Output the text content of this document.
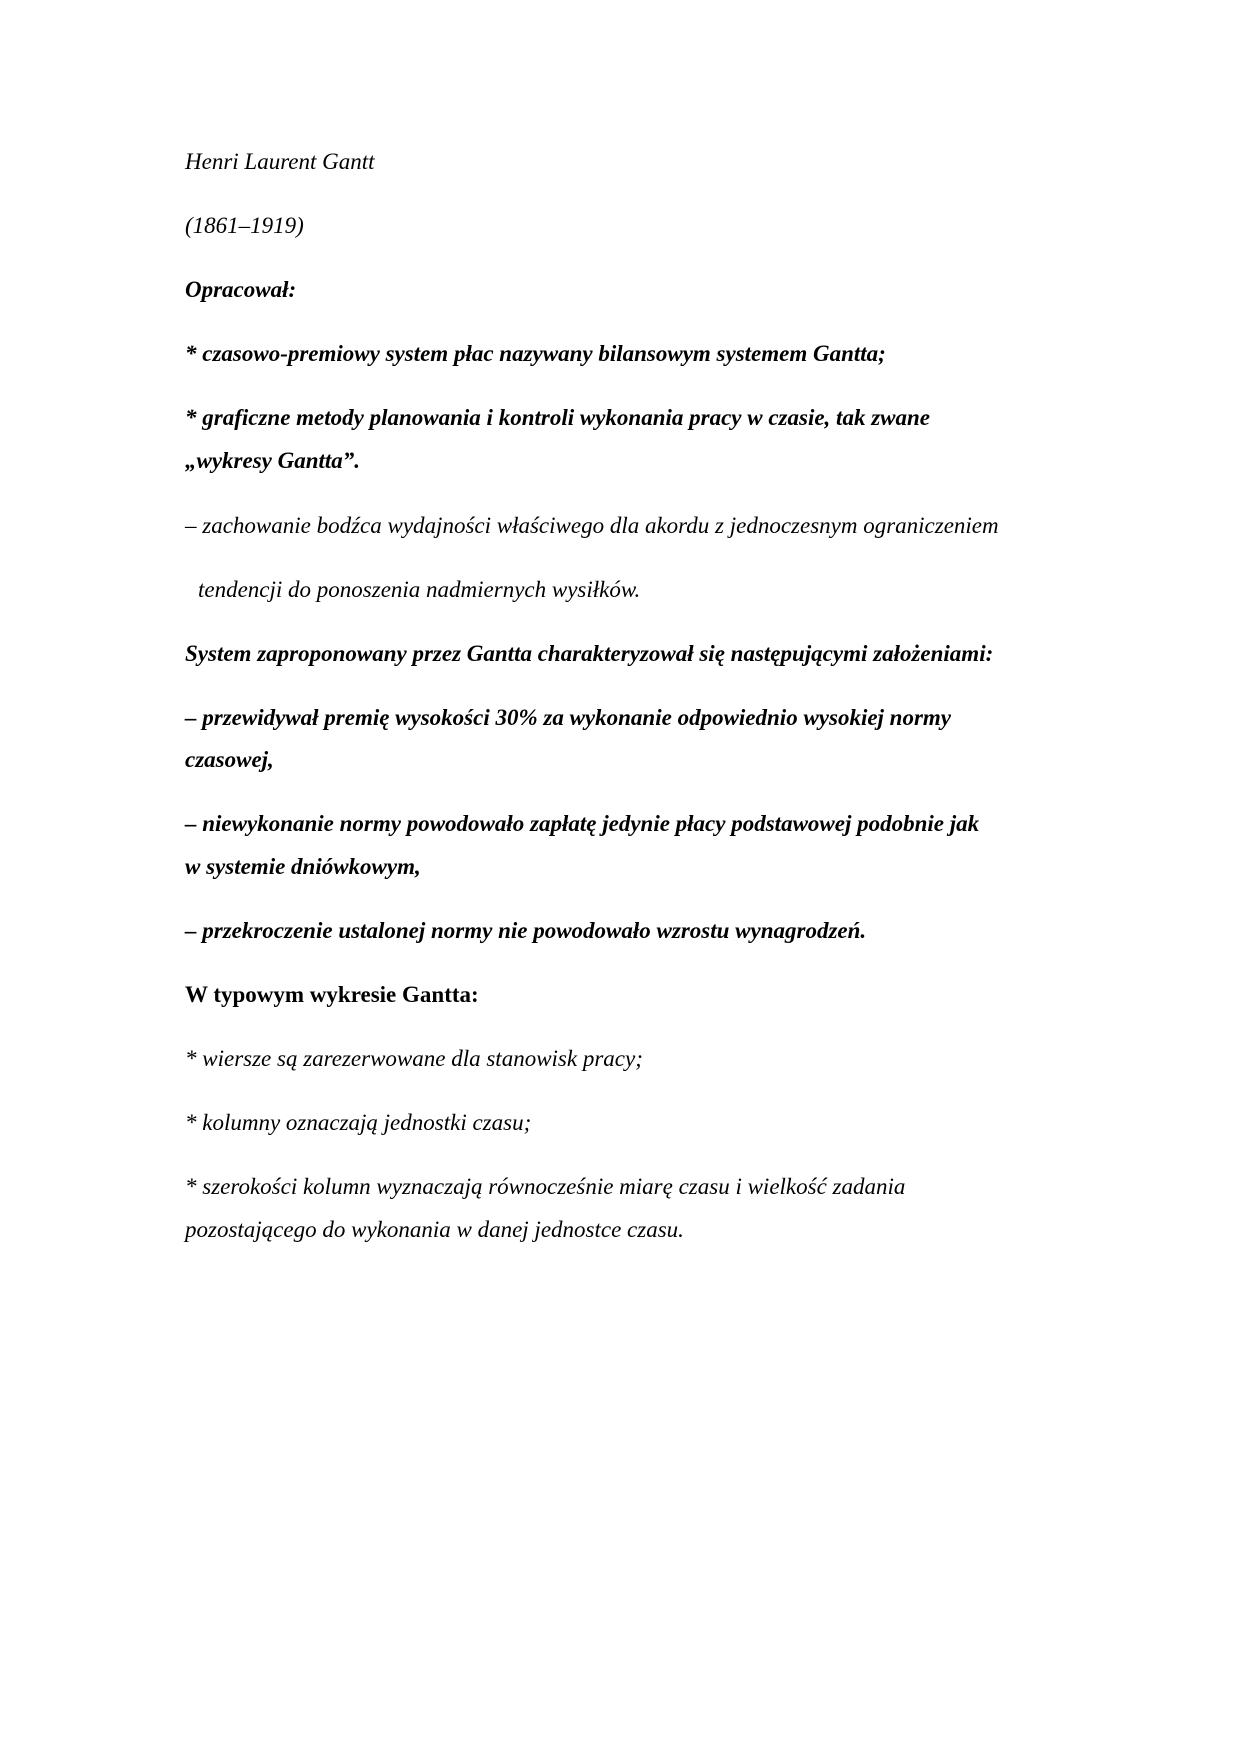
Henri Laurent Gantt

(1861–1919)

Opracował:

* czasowo-premiowy system płac nazywany bilansowym systemem Gantta;

* graficzne metody planowania i kontroli wykonania pracy w czasie, tak zwane

„wykresy Gantta”.

– zachowanie bodźca wydajności właściwego dla akordu z jednoczesnym ograniczeniem

tendencji do ponoszenia nadmiernych wysiłków.

System zaproponowany przez Gantta charakteryzował się następującymi założeniami:

– przewidywał premię wysokości 30% za wykonanie odpowiednio wysokiej normy

czasowej,

– niewykonanie normy powodowało zapłatę jedynie płacy podstawowej podobnie jak

w systemie dniówkowym,

– przekroczenie ustalonej normy nie powodowało wzrostu wynagrodzeń.

W typowym wykresie Gantta:

* wiersze są zarezerwowane dla stanowisk pracy;

* kolumny oznaczają jednostki czasu;

* szerokości kolumn wyznaczają równocześnie miarę czasu i wielkość zadania

pozostającego do wykonania w danej jednostce czasu.
